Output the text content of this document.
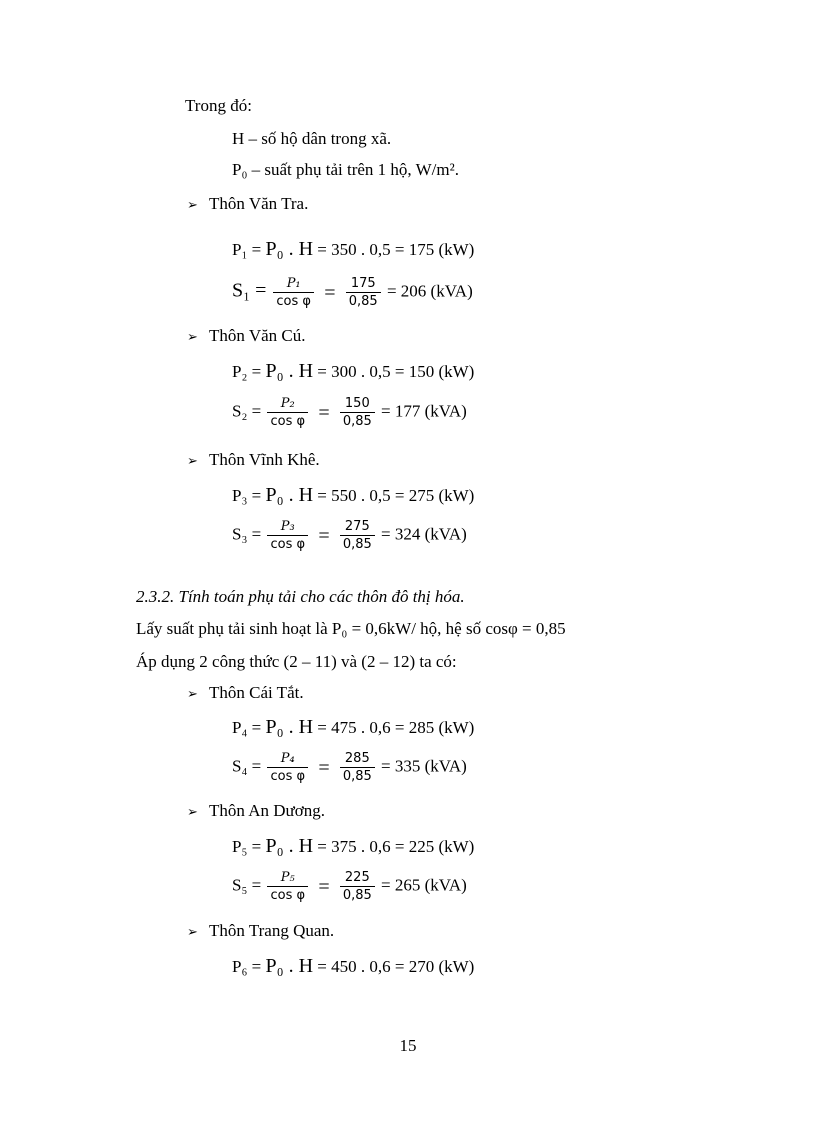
Trong đó:
H – số hộ dân trong xã.
P₀ – suất phụ tải trên 1 hộ, W/m².
➢ Thôn Văn Tra.
P₁ = P₀ . H = 350 . 0,5 = 175 (kW)
$S_1 = \frac{\text{P₁}}{\text{cos φ}} = \frac{175}{0,85} = 206$ (kVA)
➢ Thôn Văn Cú.
P₂ = P₀ . H = 300 . 0,5 = 150 (kW)
$S_2 = \frac{\text{P₂}}{\text{cos φ}} = \frac{150}{0,85} = 177$ (kVA)
➢ Thôn Vĩnh Khê.
P₃ = P₀ . H = 550 . 0,5 = 275 (kW)
$S_3 = \frac{\text{P₃}}{\text{cos φ}} = \frac{275}{0,85} = 324$ (kVA)
2.3.2. Tính toán phụ tải cho các thôn đô thị hóa.
Lấy suất phụ tải sinh hoạt là P₀ = 0,6kW/ hộ, hệ số cosφ = 0,85
Áp dụng 2 công thức (2 – 11) và (2 – 12) ta có:
➢ Thôn Cái Tắt.
P₄ = P₀ . H = 475 . 0,6 = 285 (kW)
$S_4 = \frac{\text{P₄}}{\text{cos φ}} = \frac{285}{0,85} = 335$ (kVA)
➢ Thôn An Dương.
P₅ = P₀ . H = 375 . 0,6 = 225 (kW)
$S_5 = \frac{\text{P₅}}{\text{cos φ}} = \frac{225}{0,85} = 265$ (kVA)
➢ Thôn Trang Quan.
P₆ = P₀ . H = 450 . 0,6 = 270 (kW)
15
